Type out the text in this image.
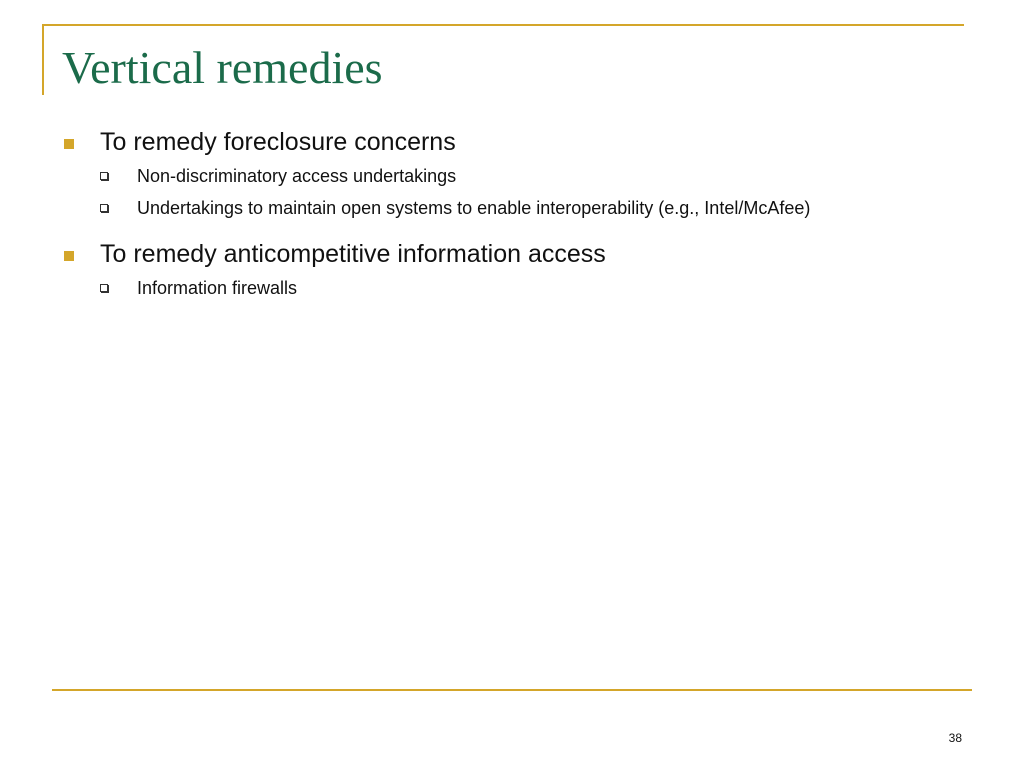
Vertical remedies

To remedy foreclosure concerns

Non-discriminatory access undertakings

Undertakings to maintain open systems to enable interoperability (e.g., Intel/McAfee)

To remedy anticompetitive information access

Information firewalls

38
